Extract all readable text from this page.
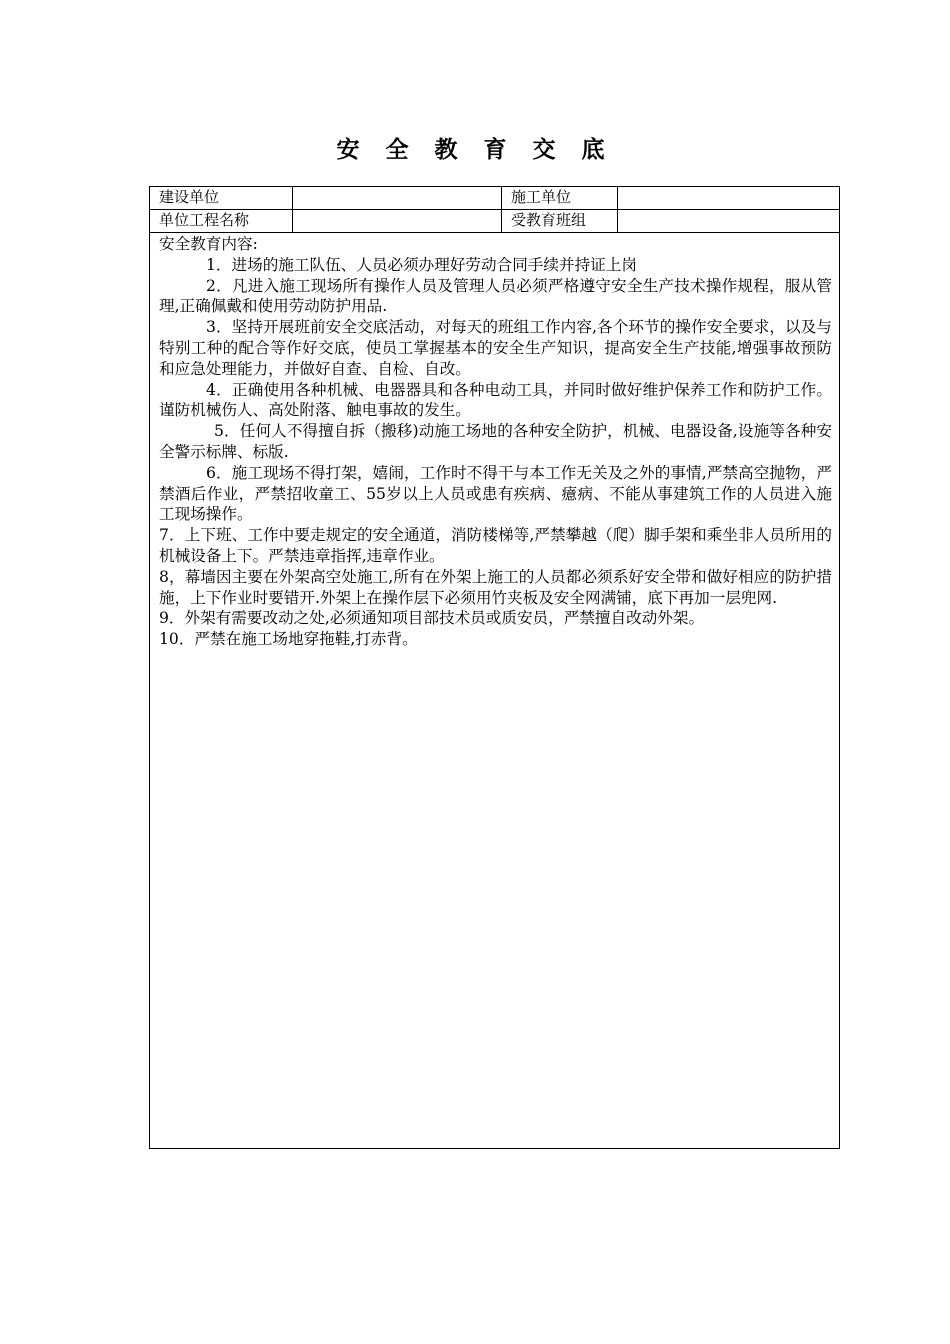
安 全 教 育 交 底
建设单位	施工单位
单位工程名称	受教育班组

安全教育内容:

1．进场的施工队伍、人员必须办理好劳动合同手续并持证上岗

2．凡进入施工现场所有操作人员及管理人员必须严格遵守安全生产技术操作规程，服从管理,正确佩戴和使用劳动防护用品.

3．坚持开展班前安全交底活动，对每天的班组工作内容,各个环节的操作安全要求，以及与特别工种的配合等作好交底，使员工掌握基本的安全生产知识，提高安全生产技能,增强事故预防和应急处理能力，并做好自查、自检、自改。

4．正确使用各种机械、电器器具和各种电动工具，并同时做好维护保养工作和防护工作。谨防机械伤人、高处附落、触电事故的发生。

5．任何人不得擅自拆（搬移)动施工场地的各种安全防护，机械、电器设备,设施等各种安全警示标牌、标版.

6．施工现场不得打架，嬉闹，工作时不得干与本工作无关及之外的事情,严禁高空抛物，严禁酒后作业，严禁招收童工、55岁以上人员或患有疾病、癔病、不能从事建筑工作的人员进入施工现场操作。

7．上下班、工作中要走规定的安全通道，消防楼梯等,严禁攀越（爬）脚手架和乘坐非人员所用的机械设备上下。严禁违章指挥,违章作业。

8，幕墙因主要在外架高空处施工,所有在外架上施工的人员都必须系好安全带和做好相应的防护措施，上下作业时要错开.外架上在操作层下必须用竹夹板及安全网满铺，底下再加一层兜网.

9．外架有需要改动之处,必须通知项目部技术员或质安员，严禁擅自改动外架。

10．严禁在施工场地穿拖鞋,打赤背。
